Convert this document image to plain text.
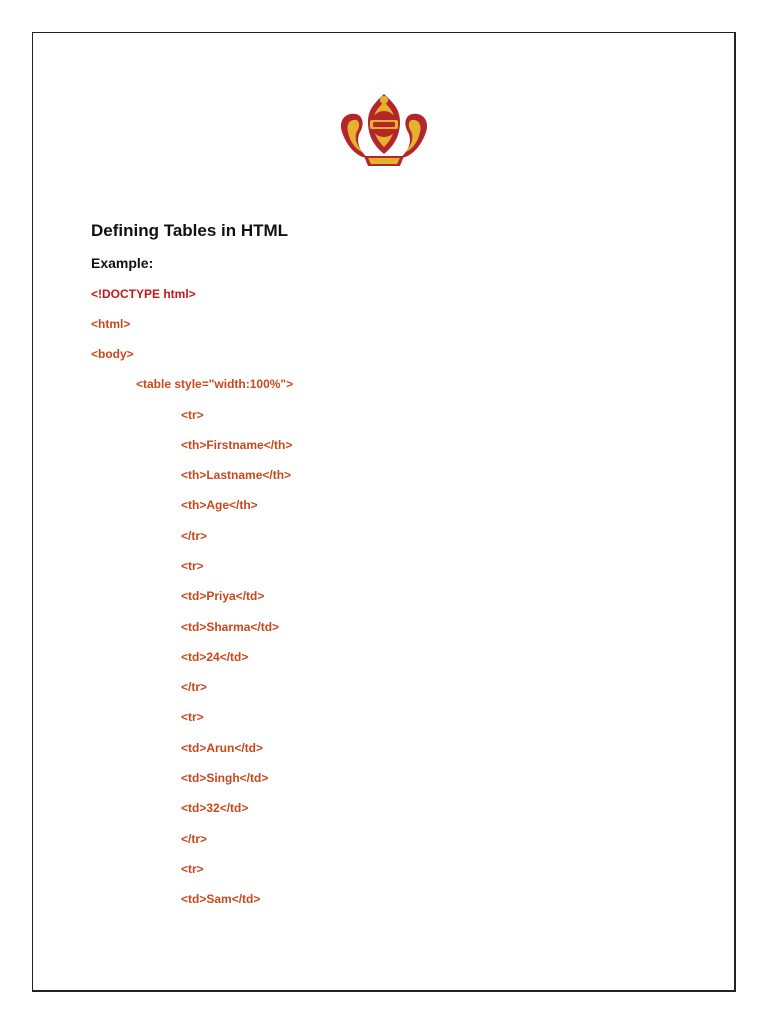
Defining Tables in HTML
Example:
<!DOCTYPE html>
<html>
<body>
<table style="width:100%">
<tr>
<th>Firstname</th>
<th>Lastname</th>
<th>Age</th>
</tr>
<tr>
<td>Priya</td>
<td>Sharma</td>
<td>24</td>
</tr>
<tr>
<td>Arun</td>
<td>Singh</td>
<td>32</td>
</tr>
<tr>
<td>Sam</td>
